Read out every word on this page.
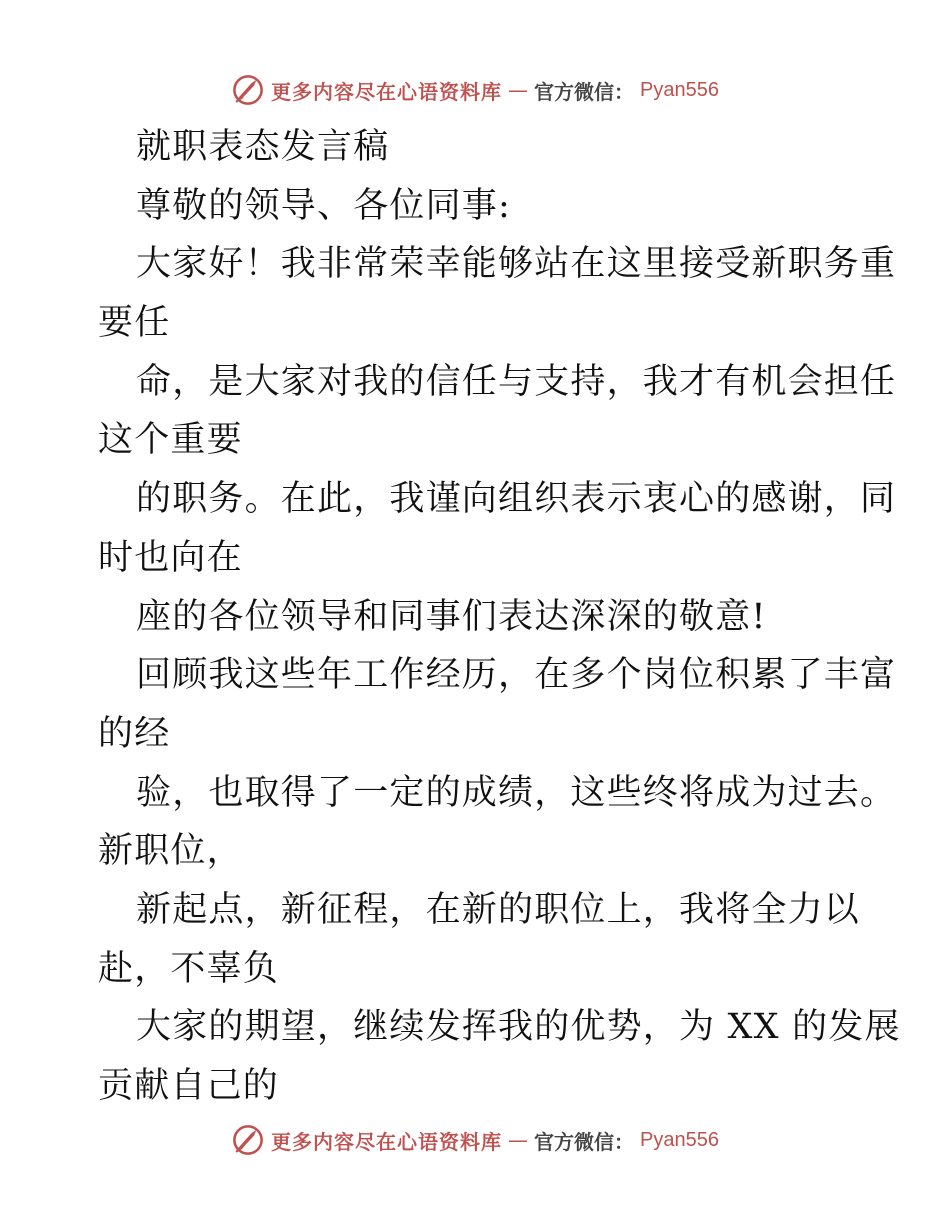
更多内容尽在心语资料库 — 官方微信： Pyan556
就职表态发言稿
尊敬的领导、各位同事:
大家好！我非常荣幸能够站在这里接受新职务重
要任
命，是大家对我的信任与支持，我才有机会担任
这个重要
的职务。在此，我谨向组织表示衷心的感谢，同
时也向在
座的各位领导和同事们表达深深的敬意!
回顾我这些年工作经历，在多个岗位积累了丰富
的经
验，也取得了一定的成绩，这些终将成为过去。
新职位，
新起点，新征程，在新的职位上，我将全力以
赴，不辜负
大家的期望，继续发挥我的优势，为 XX 的发展
贡献自己的
更多内容尽在心语资料库 — 官方微信： Pyan556
